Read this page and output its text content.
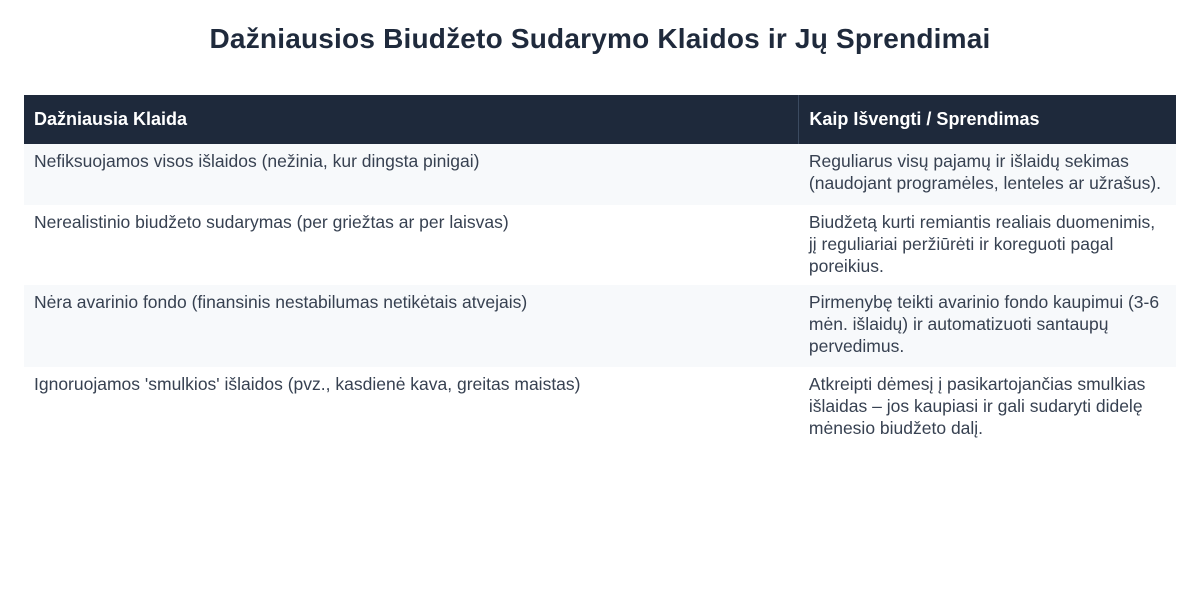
Dažniausios Biudžeto Sudarymo Klaidos ir Jų Sprendimai
Dažniausia Klaida	Kaip Išvengti / Sprendimas
Nefiksuojamos visos išlaidos (nežinia, kur dingsta pinigai)	Reguliarus visų pajamų ir išlaidų sekimas (naudojant programėles, lenteles ar užrašus).
Nerealistinio biudžeto sudarymas (per griežtas ar per laisvas)	Biudžetą kurti remiantis realiais duomenimis, jį reguliariai peržiūrėti ir koreguoti pagal poreikius.
Nėra avarinio fondo (finansinis nestabilumas netikėtais atvejais)	Pirmenybę teikti avarinio fondo kaupimui (3-6 mėn. išlaidų) ir automatizuoti santaupų pervedimus.
Ignoruojamos 'smulkios' išlaidos (pvz., kasdienė kava, greitas maistas)	Atkreipti dėmesį į pasikartojančias smulkias išlaidas – jos kaupiasi ir gali sudaryti didelę mėnesio biudžeto dalį.
